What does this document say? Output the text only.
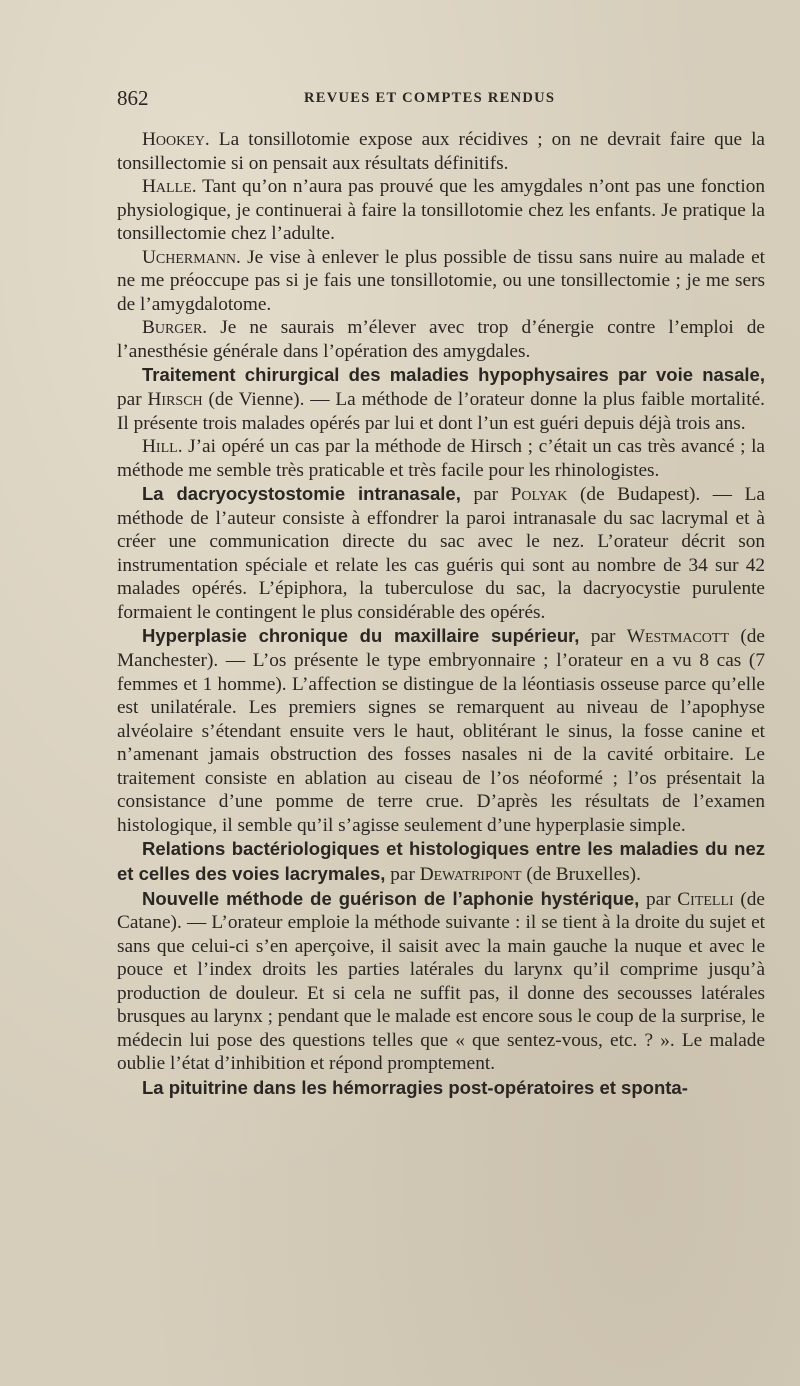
862	REVUES ET COMPTES RENDUS

Hookey. La tonsillotomie expose aux récidives ; on ne devrait faire que la tonsillectomie si on pensait aux résultats définitifs.

Halle. Tant qu’on n’aura pas prouvé que les amygdales n’ont pas une fonction physiologique, je continuerai à faire la tonsillotomie chez les enfants. Je pratique la tonsillectomie chez l’adulte.

Uchermann. Je vise à enlever le plus possible de tissu sans nuire au malade et ne me préoccupe pas si je fais une tonsillotomie, ou une tonsillectomie ; je me sers de l’amygdalotome.

Burger. Je ne saurais m’élever avec trop d’énergie contre l’emploi de l’anesthésie générale dans l’opération des amygdales.

Traitement chirurgical des maladies hypophysaires par voie nasale, par Hirsch (de Vienne). — La méthode de l’orateur donne la plus faible mortalité. Il présente trois malades opérés par lui et dont l’un est guéri depuis déjà trois ans.

Hill. J’ai opéré un cas par la méthode de Hirsch ; c’était un cas très avancé ; la méthode me semble très praticable et très facile pour les rhinologistes.

La dacryocystostomie intranasale, par Polyak (de Budapest). — La méthode de l’auteur consiste à effondrer la paroi intranasale du sac lacrymal et à créer une communication directe du sac avec le nez. L’orateur décrit son instrumentation spéciale et relate les cas guéris qui sont au nombre de 34 sur 42 malades opérés. L’épiphora, la tuberculose du sac, la dacryocystie purulente formaient le contingent le plus considérable des opérés.

Hyperplasie chronique du maxillaire supérieur, par Westmacott (de Manchester). — L’os présente le type embryonnaire ; l’orateur en a vu 8 cas (7 femmes et 1 homme). L’affection se distingue de la léontiasis osseuse parce qu’elle est unilatérale. Les premiers signes se remarquent au niveau de l’apophyse alvéolaire s’étendant ensuite vers le haut, oblitérant le sinus, la fosse canine et n’amenant jamais obstruction des fosses nasales ni de la cavité orbitaire. Le traitement consiste en ablation au ciseau de l’os néoformé ; l’os présentait la consistance d’une pomme de terre crue. D’après les résultats de l’examen histologique, il semble qu’il s’agisse seulement d’une hyperplasie simple.

Relations bactériologiques et histologiques entre les maladies du nez et celles des voies lacrymales, par Dewatripont (de Bruxelles).

Nouvelle méthode de guérison de l’aphonie hystérique, par Citelli (de Catane). — L’orateur emploie la méthode suivante : il se tient à la droite du sujet et sans que celui-ci s’en aperçoive, il saisit avec la main gauche la nuque et avec le pouce et l’index droits les parties latérales du larynx qu’il comprime jusqu’à production de douleur. Et si cela ne suffit pas, il donne des secousses latérales brusques au larynx ; pendant que le malade est encore sous le coup de la surprise, le médecin lui pose des questions telles que « que sentez-vous, etc. ? ». Le malade oublie l’état d’inhibition et répond promptement.

La pituitrine dans les hémorragies post-opératoires et sponta-
